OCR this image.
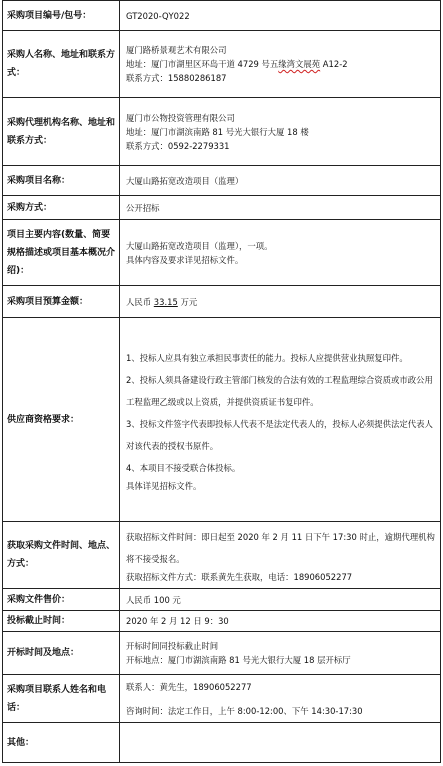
采购项目编号/包号：	GT2020-QY022
采购人名称、地址和联系方式：	厦门路桥景观艺术有限公司
地址：厦门市湖里区环岛干道 4729 号五缘湾文展苑 A12-2
联系方式：15880286187

采购代理机构名称、地址和联系方式：	厦门市公物投资管理有限公司
地址：厦门市湖滨南路 81 号光大银行大厦 18 楼
联系方式：0592-2279331

采购项目名称：	大厦山路拓宽改造项目（监理）
采购方式：	公开招标
项目主要内容(数量、简要规格描述或项目基本概况介绍)：	大厦山路拓宽改造项目（监理），一项。
具体内容及要求详见招标文件。

采购项目预算金额：	人民币 33.15 万元
供应商资格要求：	1、投标人应具有独立承担民事责任的能力。投标人应提供营业执照复印件。
2、投标人须具备建设行政主管部门核发的合法有效的工程监理综合资质或市政公用工程监理乙级或以上资质，并提供资质证书复印件。
3、投标文件签字代表即投标人代表不是法定代表人的，投标人必须提供法定代表人对该代表的授权书原件。
4、本项目不接受联合体投标。
具体详见招标文件。

获取采购文件时间、地点、方式：	获取招标文件时间：即日起至 2020 年 2 月 11 日下午 17:30 时止，逾期代理机构将不接受报名。
获取招标文件方式：联系黄先生获取，电话：18906052277

采购文件售价：	人民币 100 元
投标截止时间：	2020 年 2 月 12 日 9：30
开标时间及地点：	开标时间同投标截止时间
开标地点：厦门市湖滨南路 81 号光大银行大厦 18 层开标厅

采购项目联系人姓名和电话：	联系人：黄先生，18906052277
咨询时间：法定工作日，上午 8:00-12:00、下午 14:30-17:30

其他：	
